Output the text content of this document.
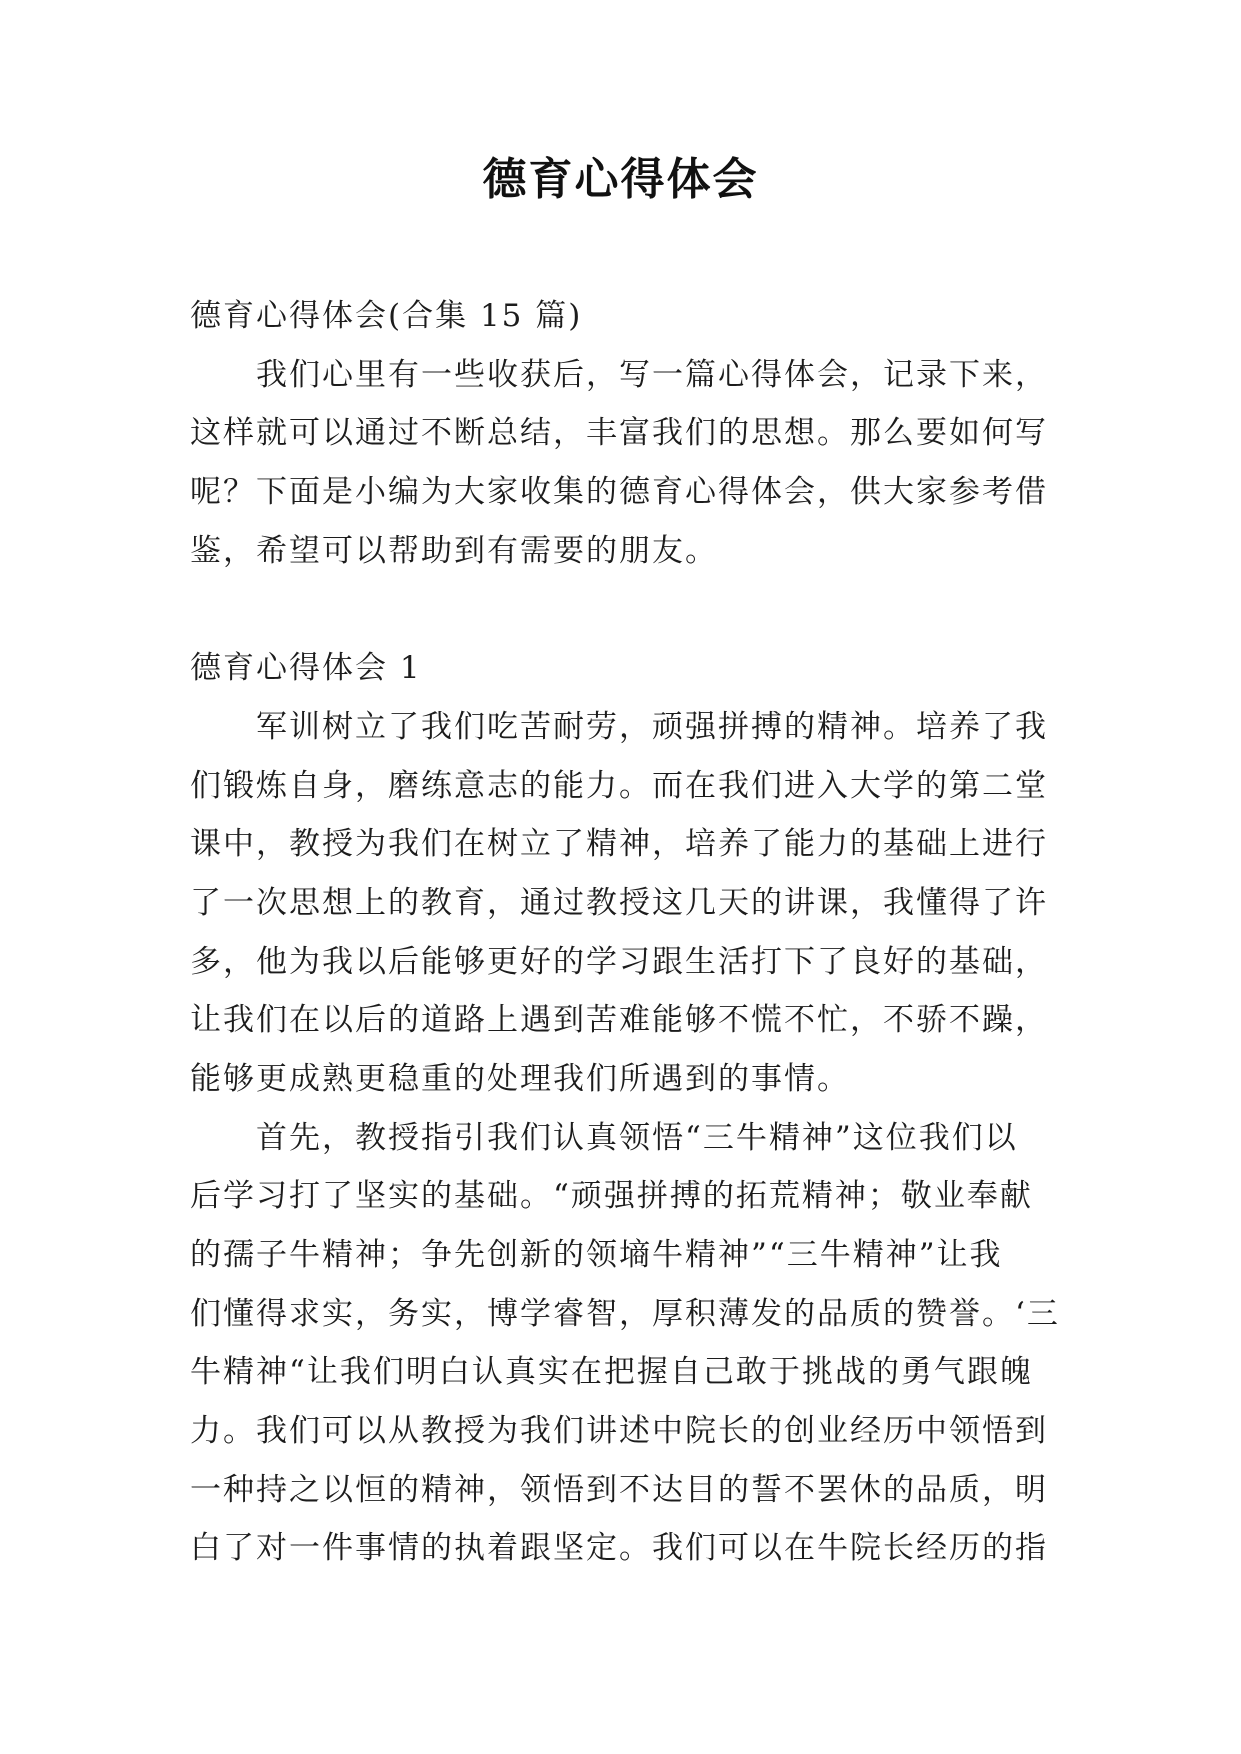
德育心得体会
德育心得体会(合集 15 篇)
我们心里有一些收获后，写一篇心得体会，记录下来，
这样就可以通过不断总结，丰富我们的思想。那么要如何写
呢？下面是小编为大家收集的德育心得体会，供大家参考借
鉴，希望可以帮助到有需要的朋友。
德育心得体会 1
军训树立了我们吃苦耐劳，顽强拼搏的精神。培养了我
们锻炼自身，磨练意志的能力。而在我们进入大学的第二堂
课中，教授为我们在树立了精神，培养了能力的基础上进行
了一次思想上的教育，通过教授这几天的讲课，我懂得了许
多，他为我以后能够更好的学习跟生活打下了良好的基础，
让我们在以后的道路上遇到苦难能够不慌不忙，不骄不躁，
能够更成熟更稳重的处理我们所遇到的事情。
首先，教授指引我们认真领悟“三牛精神”这位我们以
后学习打了坚实的基础。“顽强拼搏的拓荒精神；敬业奉献
的孺子牛精神；争先创新的领墒牛精神”“三牛精神”让我
们懂得求实，务实，博学睿智，厚积薄发的品质的赞誉。‘三
牛精神“让我们明白认真实在把握自己敢于挑战的勇气跟魄
力。我们可以从教授为我们讲述中院长的创业经历中领悟到
一种持之以恒的精神，领悟到不达目的誓不罢休的品质，明
白了对一件事情的执着跟坚定。我们可以在牛院长经历的指
